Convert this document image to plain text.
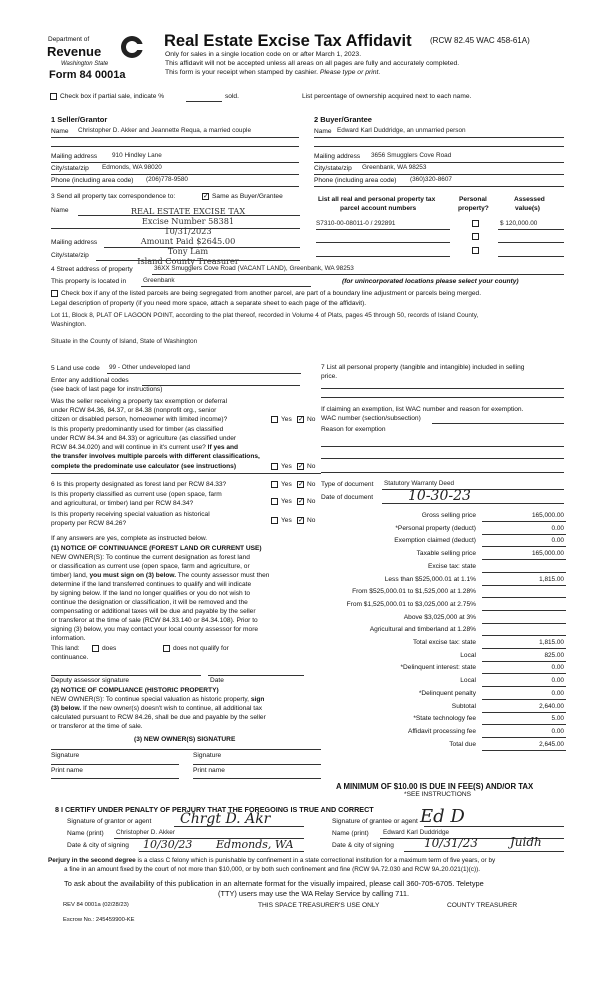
Department of
Revenue
Washington State
Form 84 0001a
Real Estate Excise Tax Affidavit (RCW 82.45 WAC 458-61A)
Only for sales in a single location code on or after March 1, 2023.
This affidavit will not be accepted unless all areas on all pages are fully and accurately completed.
This form is your receipt when stamped by cashier. Please type or print.
Check box if partial sale, indicate %	sold.	List percentage of ownership acquired next to each name.
1 Seller/Grantor
Name Christopher D. Akker and Jeannette Requa, a married couple
Mailing address 910 Hindley Lane
City/state/zip Edmonds, WA 98020
Phone (including area code) (206)778-9580
2 Buyer/Grantee
Name Edward Karl Duddridge, an unmarried person
Mailing address 3656 Smugglers Cove Road
City/state/zip Greenbank, WA 98253
Phone (including area code) (360)320-8607
3 Send all property tax correspondence to:	✓ Same as Buyer/Grantee
Name
Mailing address
City/state/zip
REAL ESTATE EXCISE TAX
Excise Number 58381
10/31/2023
Amount Paid $2645.00
Tony Lam
Island County Treasurer
List all real and personal property tax
parcel account numbers
Personal
property?
Assessed
value(s)
S7310-00-08011-0 / 292891	$ 120,000.00
4 Street address of property	36XX Smugglers Cove Road (VACANT LAND), Greenbank, WA 98253
This property is located in	Greenbank	(for unincorporated locations please select your county)
Check box if any of the listed parcels are being segregated from another parcel, are part of a boundary line adjustment or parcels being merged.
Legal description of property (if you need more space, attach a separate sheet to each page of the affidavit).
Lot 11, Block 8, PLAT OF LAGOON POINT, according to the plat thereof, recorded in Volume 4 of Plats, pages 45 through 50, records of Island County,
Washington.
Situate in the County of Island, State of Washington
5 Land use code 99 - Other undeveloped land
Enter any additional codes
(see back of last page for instructions)
Was the seller receiving a property tax exemption or deferral
under RCW 84.36, 84.37, or 84.38 (nonprofit org., senior
citizen or disabled person, homeowner with limited income)?	Yes ✓ No
Is this property predominantly used for timber (as classified
under RCW 84.34 and 84.33) or agriculture (as classified under
RCW 84.34.020) and will continue in it's current use? If yes and
the transfer involves multiple parcels with different classifications,
complete the predominate use calculator (see instructions)	Yes ✓ No
7 List all personal property (tangible and intangible) included in selling
price.
If claiming an exemption, list WAC number and reason for exemption.
WAC number (section/subsection)
Reason for exemption
6 Is this property designated as forest land per RCW 84.33?	Yes ✓ No
Is this property classified as current use (open space, farm
and agricultural, or timber) land per RCW 84.34?	Yes ✓ No
Is this property receiving special valuation as historical
property per RCW 84.26?	Yes ✓ No
If any answers are yes, complete as instructed below.
(1) NOTICE OF CONTINUANCE (FOREST LAND OR CURRENT USE)
NEW OWNER(S): To continue the current designation as forest land
or classification as current use (open space, farm and agriculture, or
timber) land, you must sign on (3) below. The county assessor must then
determine if the land transferred continues to qualify and will indicate
by signing below. If the land no longer qualifies or you do not wish to
continue the designation or classification, it will be removed and the
compensating or additional taxes will be due and payable by the seller
or transferor at the time of sale (RCW 84.33.140 or 84.34.108). Prior to
signing (3) below, you may contact your local county assessor for more
information.
This land:	does	does not qualify for
continuance.
Deputy assessor signature	Date
(2) NOTICE OF COMPLIANCE (HISTORIC PROPERTY)
NEW OWNER(S): To continue special valuation as historic property, sign
(3) below. If the new owner(s) doesn't wish to continue, all additional tax
calculated pursuant to RCW 84.26, shall be due and payable by the seller
or transferor at the time of sale.
(3) NEW OWNER(S) SIGNATURE
Signature	Signature
Print name	Print name
Type of document Statutory Warranty Deed
Date of document 10-30-23
Gross selling price	165,000.00
*Personal property (deduct)	0.00
Exemption claimed (deduct)	0.00
Taxable selling price	165,000.00
Excise tax: state
Less than $525,000.01 at 1.1%	1,815.00
From $525,000.01 to $1,525,000 at 1.28%
From $1,525,000.01 to $3,025,000 at 2.75%
Above $3,025,000 at 3%
Agricultural and timberland at 1.28%
Total excise tax: state	1,815.00
Local	825.00
*Delinquent interest: state	0.00
Local	0.00
*Delinquent penalty	0.00
Subtotal	2,640.00
*State technology fee	5.00
Affidavit processing fee	0.00
Total due	2,645.00
A MINIMUM OF $10.00 IS DUE IN FEE(S) AND/OR TAX
*SEE INSTRUCTIONS
8 I CERTIFY UNDER PENALTY OF PERJURY THAT THE FOREGOING IS TRUE AND CORRECT
Signature of grantor or agent Chrgt D. Akr
Name (print) Christopher D. Akker
Date & city of signing 10/30/23 Edmonds, WA
Signature of grantee or agent Ed D
Name (print) Edward Karl Duddridge
Date & city of signing	10/31/23	Juidh
Perjury in the second degree is a class C felony which is punishable by confinement in a state correctional institution for a maximum term of five years, or by
a fine in an amount fixed by the court of not more than $10,000, or by both such confinement and fine (RCW 9A.72.030 and RCW 9A.20.021(1)(c)).
To ask about the availability of this publication in an alternate format for the visually impaired, please call 360-705-6705. Teletype
(TTY) users may use the WA Relay Service by calling 711.
REV 84 0001a (02/28/23)	THIS SPACE TREASURER'S USE ONLY	COUNTY TREASURER
Escrow No.: 245459900-KE
